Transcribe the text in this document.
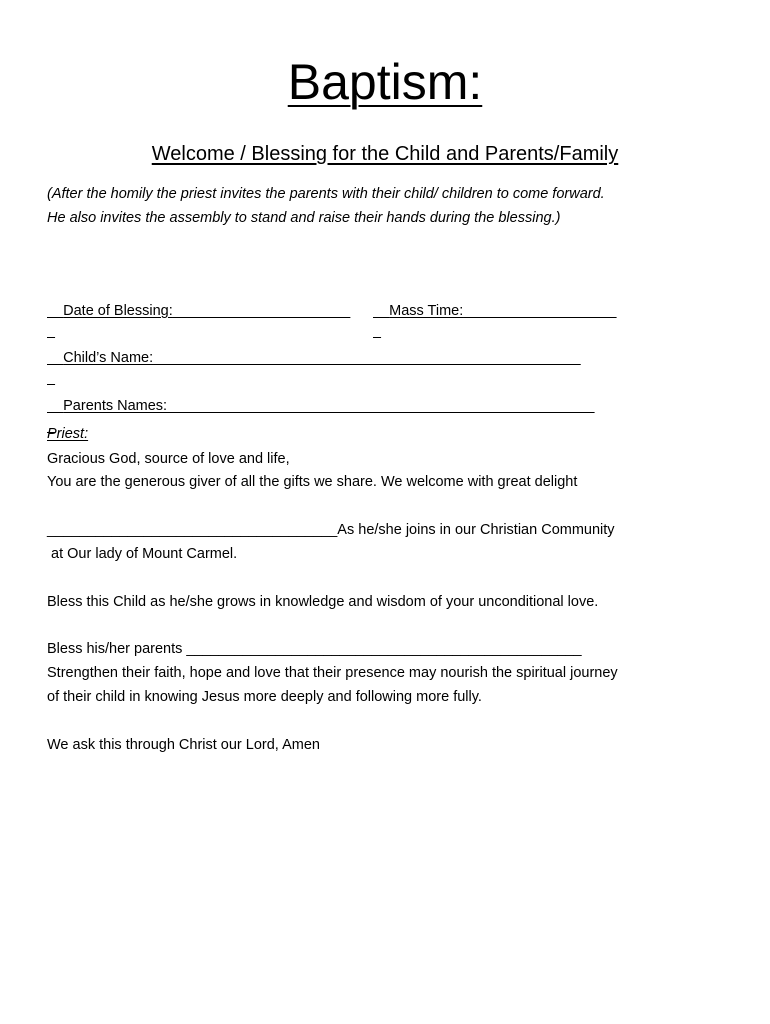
Baptism:
Welcome / Blessing for the Child and Parents/Family
(After the homily the priest invites the parents with their child/ children to come forward.
He also invites the assembly to stand and raise their hands during the blessing.)

Date of Blessing:______________________
	Mass Time:___________________

Child’s Name:_____________________________________________________

Parents Names:_____________________________________________________

Priest:
Gracious God, source of love and life,
You are the generous giver of all the gifts we share. We welcome with great delight
____________________________________As he/she joins in our Christian Community
at Our lady of Mount Carmel.
Bless this Child as he/she grows in knowledge and wisdom of your unconditional love.
Bless his/her parents _________________________________________________
Strengthen their faith, hope and love that their presence may nourish the spiritual journey
of their child in knowing Jesus more deeply and following more fully.
We ask this through Christ our Lord, Amen
